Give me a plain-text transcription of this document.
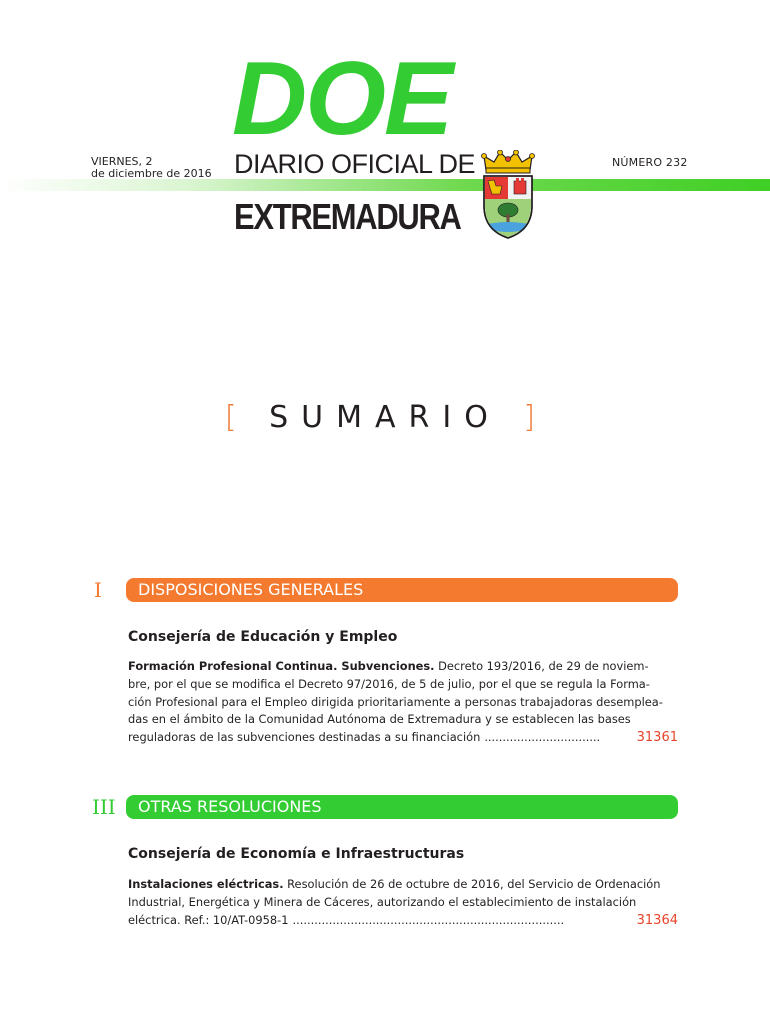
DOE
VIERNES, 2
de diciembre de 2016
NÚMERO 232
DIARIO OFICIAL DE
EXTREMADURA
[ SUMARIO ]
I	DISPOSICIONES GENERALES
Consejería de Educación y Empleo
Formación Profesional Continua. Subvenciones. Decreto 193/2016, de 29 de noviem-
bre, por el que se modifica el Decreto 97/2016, de 5 de julio, por el que se regula la Forma-
ción Profesional para el Empleo dirigida prioritariamente a personas trabajadoras desemplea-
das en el ámbito de la Comunidad Autónoma de Extremadura y se establecen las bases
reguladoras de las subvenciones destinadas a su financiación ................................	31361
III	OTRAS RESOLUCIONES
Consejería de Economía e Infraestructuras
Instalaciones eléctricas. Resolución de 26 de octubre de 2016, del Servicio de Ordenación
Industrial, Energética y Minera de Cáceres, autorizando el establecimiento de instalación
eléctrica. Ref.: 10/AT-0958-1 ...........................................................................	31364
